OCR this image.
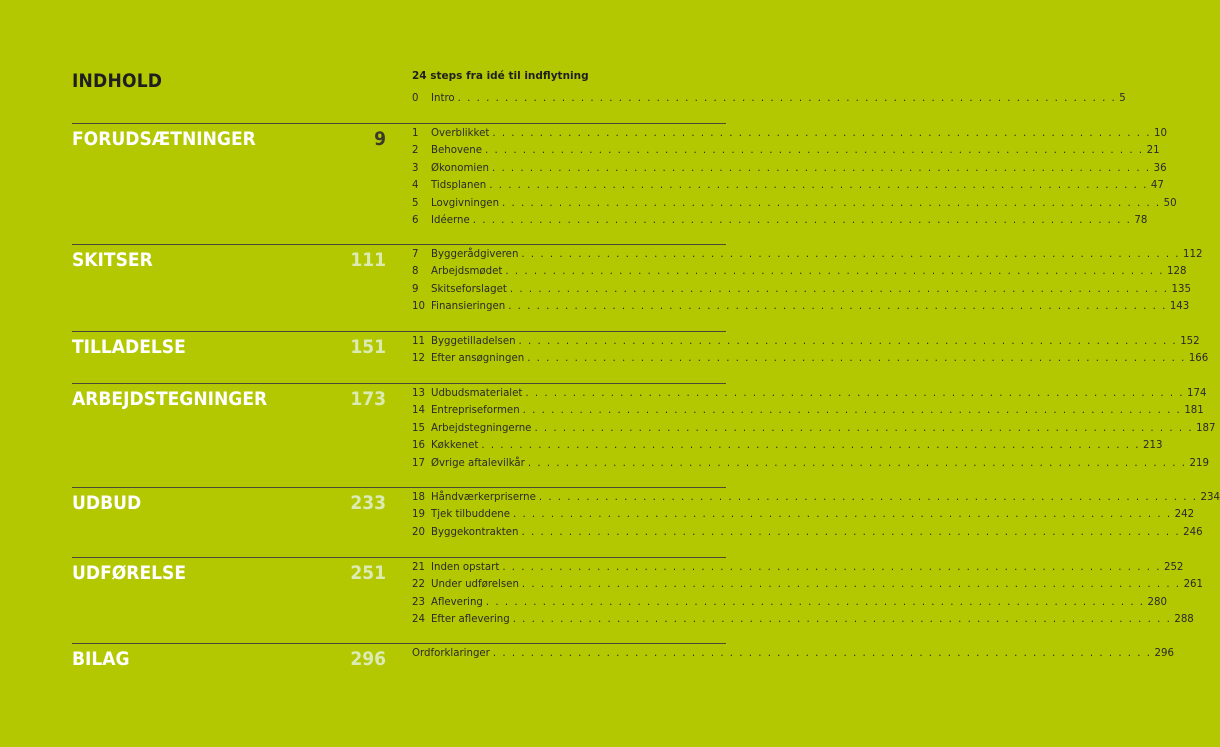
INDHOLD	24 steps fra idé til indflytning
0	Intro . . . . . . . . . . . . . . . . . . . . . . . . . . . . . . . . . . . . . . . . . . . . . . . . . . . . . . . . . . . . . . . . . . . . . . 5
FORUDSÆTNINGER	9	1	Overblikket . . . . . . . . . . . . . . . . . . . . . . . . . . . . . . . . . . . . . . . . . . . . . . . . . . . . . . . . . . . . . . . . . . . . . . 10
2	Behovene . . . . . . . . . . . . . . . . . . . . . . . . . . . . . . . . . . . . . . . . . . . . . . . . . . . . . . . . . . . . . . . . . . . . . . 21
3	Økonomien . . . . . . . . . . . . . . . . . . . . . . . . . . . . . . . . . . . . . . . . . . . . . . . . . . . . . . . . . . . . . . . . . . . . . . 36
4	Tidsplanen . . . . . . . . . . . . . . . . . . . . . . . . . . . . . . . . . . . . . . . . . . . . . . . . . . . . . . . . . . . . . . . . . . . . . . 47
5	Lovgivningen . . . . . . . . . . . . . . . . . . . . . . . . . . . . . . . . . . . . . . . . . . . . . . . . . . . . . . . . . . . . . . . . . . . . . . 50
6	Idéerne . . . . . . . . . . . . . . . . . . . . . . . . . . . . . . . . . . . . . . . . . . . . . . . . . . . . . . . . . . . . . . . . . . . . . . 78
SKITSER	111	7	Byggerådgiveren . . . . . . . . . . . . . . . . . . . . . . . . . . . . . . . . . . . . . . . . . . . . . . . . . . . . . . . . . . . . . . . . . . . . . . 112
8	Arbejdsmødet . . . . . . . . . . . . . . . . . . . . . . . . . . . . . . . . . . . . . . . . . . . . . . . . . . . . . . . . . . . . . . . . . . . . . . 128
9	Skitseforslaget . . . . . . . . . . . . . . . . . . . . . . . . . . . . . . . . . . . . . . . . . . . . . . . . . . . . . . . . . . . . . . . . . . . . . . 135
10 Finansieringen . . . . . . . . . . . . . . . . . . . . . . . . . . . . . . . . . . . . . . . . . . . . . . . . . . . . . . . . . . . . . . . . . . . . . . 143
TILLADELSE	151	11 Byggetilladelsen . . . . . . . . . . . . . . . . . . . . . . . . . . . . . . . . . . . . . . . . . . . . . . . . . . . . . . . . . . . . . . . . . . . . . . 152
12 Efter ansøgningen . . . . . . . . . . . . . . . . . . . . . . . . . . . . . . . . . . . . . . . . . . . . . . . . . . . . . . . . . . . . . . . . . . . . . . 166
ARBEJDSTEGNINGER	173	13 Udbudsmaterialet . . . . . . . . . . . . . . . . . . . . . . . . . . . . . . . . . . . . . . . . . . . . . . . . . . . . . . . . . . . . . . . . . . . . . . 174
14 Entrepriseformen . . . . . . . . . . . . . . . . . . . . . . . . . . . . . . . . . . . . . . . . . . . . . . . . . . . . . . . . . . . . . . . . . . . . . . 181
15 Arbejdstegningerne . . . . . . . . . . . . . . . . . . . . . . . . . . . . . . . . . . . . . . . . . . . . . . . . . . . . . . . . . . . . . . . . . . . . . . 187
16 Køkkenet . . . . . . . . . . . . . . . . . . . . . . . . . . . . . . . . . . . . . . . . . . . . . . . . . . . . . . . . . . . . . . . . . . . . . . 213
17 Øvrige aftalevilkår . . . . . . . . . . . . . . . . . . . . . . . . . . . . . . . . . . . . . . . . . . . . . . . . . . . . . . . . . . . . . . . . . . . . . . 219
UDBUD	233	18 Håndværkerpriserne . . . . . . . . . . . . . . . . . . . . . . . . . . . . . . . . . . . . . . . . . . . . . . . . . . . . . . . . . . . . . . . . . . . . . . 234
19 Tjek tilbuddene . . . . . . . . . . . . . . . . . . . . . . . . . . . . . . . . . . . . . . . . . . . . . . . . . . . . . . . . . . . . . . . . . . . . . . 242
20 Byggekontrakten . . . . . . . . . . . . . . . . . . . . . . . . . . . . . . . . . . . . . . . . . . . . . . . . . . . . . . . . . . . . . . . . . . . . . . 246
UDFØRELSE	251	21 Inden opstart . . . . . . . . . . . . . . . . . . . . . . . . . . . . . . . . . . . . . . . . . . . . . . . . . . . . . . . . . . . . . . . . . . . . . . 252
22 Under udførelsen . . . . . . . . . . . . . . . . . . . . . . . . . . . . . . . . . . . . . . . . . . . . . . . . . . . . . . . . . . . . . . . . . . . . . . 261
23 Aflevering . . . . . . . . . . . . . . . . . . . . . . . . . . . . . . . . . . . . . . . . . . . . . . . . . . . . . . . . . . . . . . . . . . . . . . 280
24 Efter aflevering . . . . . . . . . . . . . . . . . . . . . . . . . . . . . . . . . . . . . . . . . . . . . . . . . . . . . . . . . . . . . . . . . . . . . . 288
BILAG	296	Ordforklaringer . . . . . . . . . . . . . . . . . . . . . . . . . . . . . . . . . . . . . . . . . . . . . . . . . . . . . . . . . . . . . . . . . . . . . . 296
